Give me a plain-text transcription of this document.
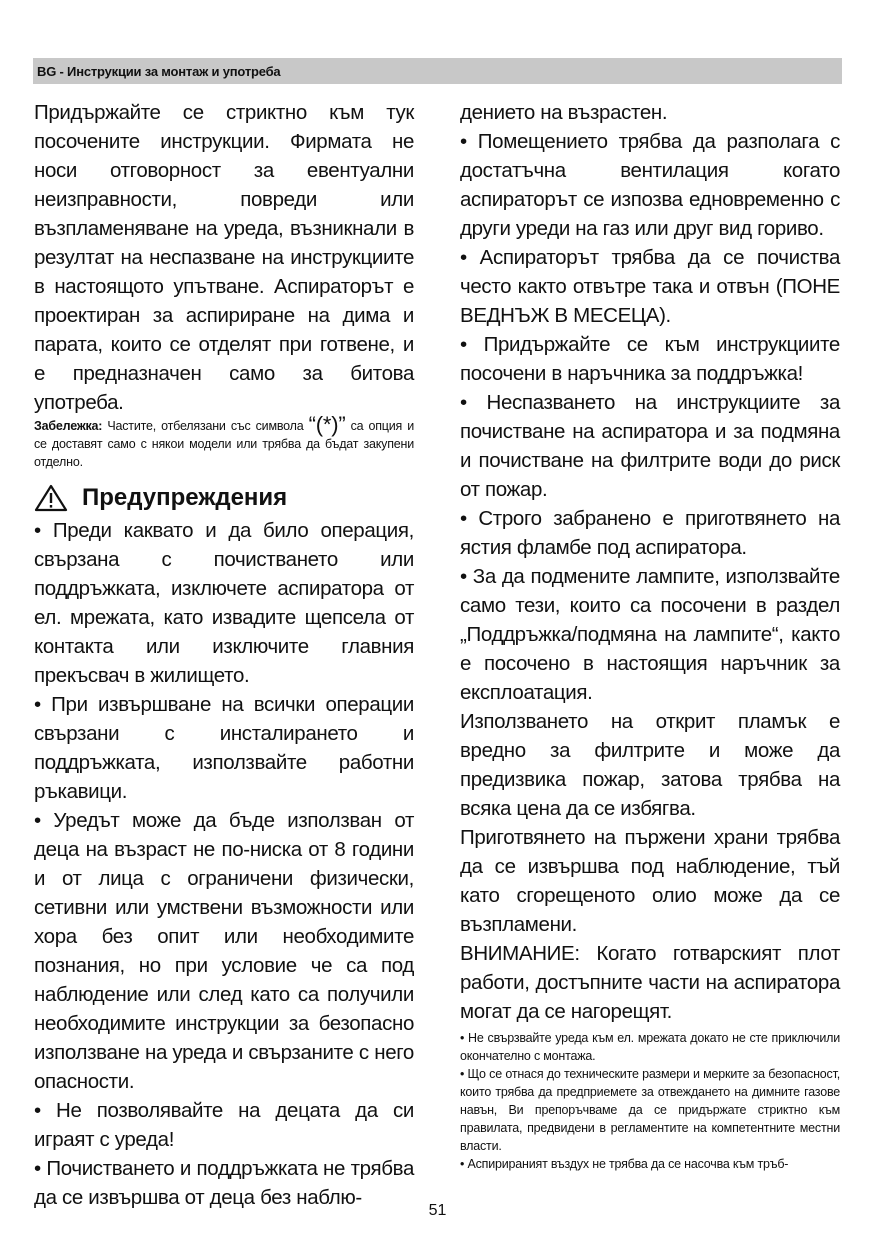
BG - Инструкции за монтаж и употреба

Придържайте се стриктно към тук посочените инструкции. Фирмата не носи отговорност за евентуални неизправности, повреди или възпламеняване на уреда, възникнали в резултат на неспазване на инструкциите в настоящото упътване. Аспираторът е проектиран за аспириране на дима и парата, които се отделят при готвене, и е предназначен само за битова употреба.

Забележка: Частите, отбелязани със символа “(*)” са опция и се доставят само с някои модели или трябва да бъдат закупени отделно.

Предупреждения

• Преди каквато и да било операция, свързана с почистването или поддръжката, изключете аспиратора от ел. мрежата, като извадите щепсела от контакта или изключите главния прекъсвач в жилището.

• При извършване на всички операции свързани с инсталирането и поддръжката, използвайте работни ръкавици.

• Уредът може да бъде използван от деца на възраст не по-ниска от 8 години и от лица с ограничени физически, сетивни или умствени възможности или хора без опит или необходимите познания, но при условие че са под наблюдение или след като са получили необходимите инструкции за безопасно използване на уреда и свързаните с него опасности.

• Не позволявайте на децата да си играят с уреда!

• Почистването и поддръжката не трябва да се извършва от деца без наблю-

дението на възрастен.

• Помещението трябва да разполага с достатъчна вентилация когато аспираторът се изпозва едновременно с други уреди на газ или друг вид гориво.

• Аспираторът трябва да се почиства често както отвътре така и отвън (ПОНЕ ВЕДНЪЖ В МЕСЕЦА).

• Придържайте се към инструкциите посочени в наръчника за поддръжка!

• Неспазването на инструкциите за почистване на аспиратора и за подмяна и почистване на филтрите води до риск от пожар.

• Строго забранено е приготвянето на ястия фламбе под аспиратора.

• За да подмените лампите, използвайте само тези, които са посочени в раздел „Поддръжка/подмяна на лампите“, както е посочено в настоящия наръчник за експлоатация.

Използването на открит пламък е вредно за филтрите и може да предизвика пожар, затова трябва на всяка цена да се избягва.

Приготвянето на пържени храни трябва да се извършва под наблюдение, тъй като сгорещеното олио може да се възпламени.

ВНИМАНИЕ: Когато готварският плот работи, достъпните части на аспиратора могат да се нагорещят.

• Не свързвайте уреда към ел. мрежата докато не сте приключили окончателно с монтажа.

• Що се отнася до техническите размери и мерките за безопасност, които трябва да предприемете за отвеждането на димните газове навън, Ви препоръчваме да се придържате стриктно към правилата, предвидени в регламентите на компетентните местни власти.

• Аспирираният въздух не трябва да се насочва към тръб-

51
